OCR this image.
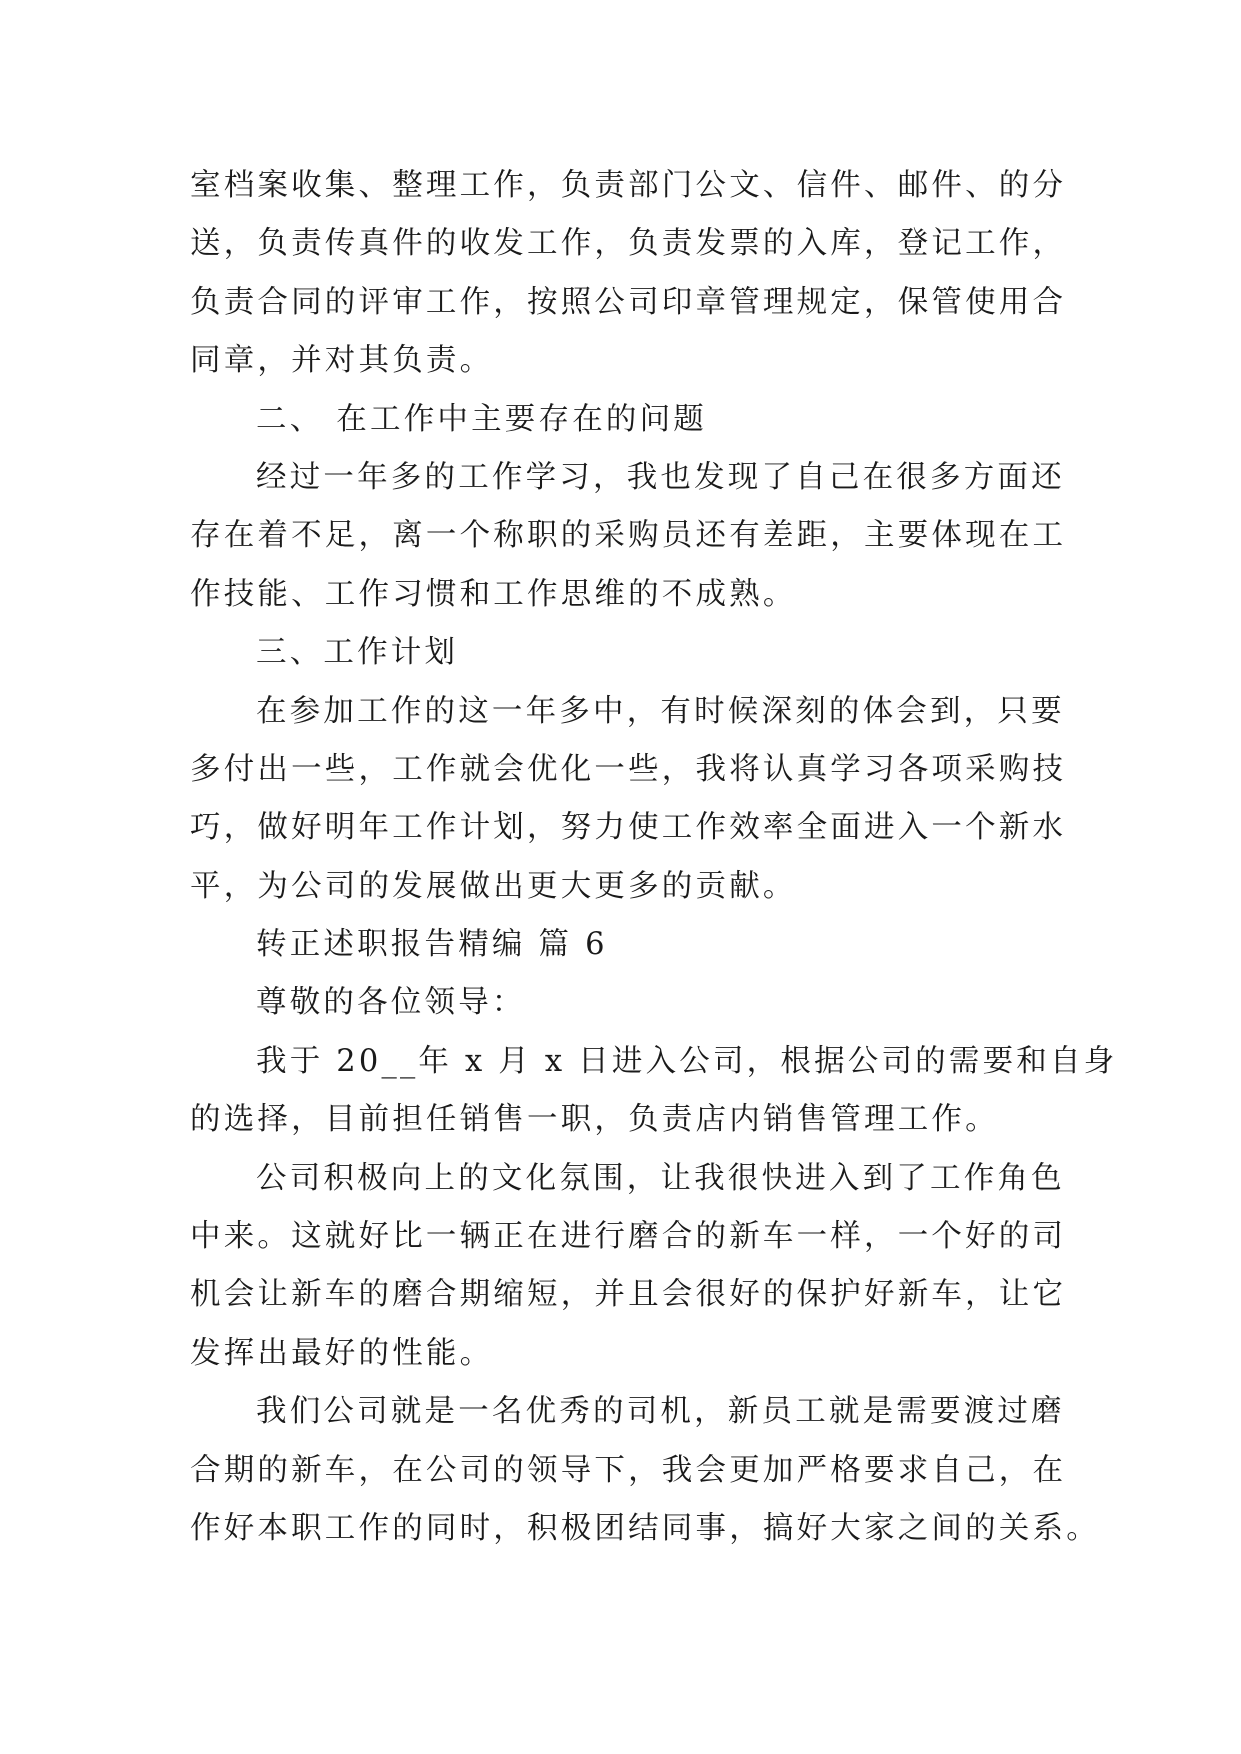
室档案收集、整理工作，负责部门公文、信件、邮件、的分
送，负责传真件的收发工作，负责发票的入库，登记工作，
负责合同的评审工作，按照公司印章管理规定，保管使用合
同章，并对其负责。
二、 在工作中主要存在的问题
经过一年多的工作学习，我也发现了自己在很多方面还
存在着不足，离一个称职的采购员还有差距，主要体现在工
作技能、工作习惯和工作思维的不成熟。
三、工作计划
在参加工作的这一年多中，有时候深刻的体会到，只要
多付出一些，工作就会优化一些，我将认真学习各项采购技
巧，做好明年工作计划，努力使工作效率全面进入一个新水
平，为公司的发展做出更大更多的贡献。
转正述职报告精编 篇 6
尊敬的各位领导：
我于 20__年 x 月 x 日进入公司，根据公司的需要和自身
的选择，目前担任销售一职，负责店内销售管理工作。
公司积极向上的文化氛围，让我很快进入到了工作角色
中来。这就好比一辆正在进行磨合的新车一样，一个好的司
机会让新车的磨合期缩短，并且会很好的保护好新车，让它
发挥出最好的性能。
我们公司就是一名优秀的司机，新员工就是需要渡过磨
合期的新车，在公司的领导下，我会更加严格要求自己，在
作好本职工作的同时，积极团结同事，搞好大家之间的关系。
